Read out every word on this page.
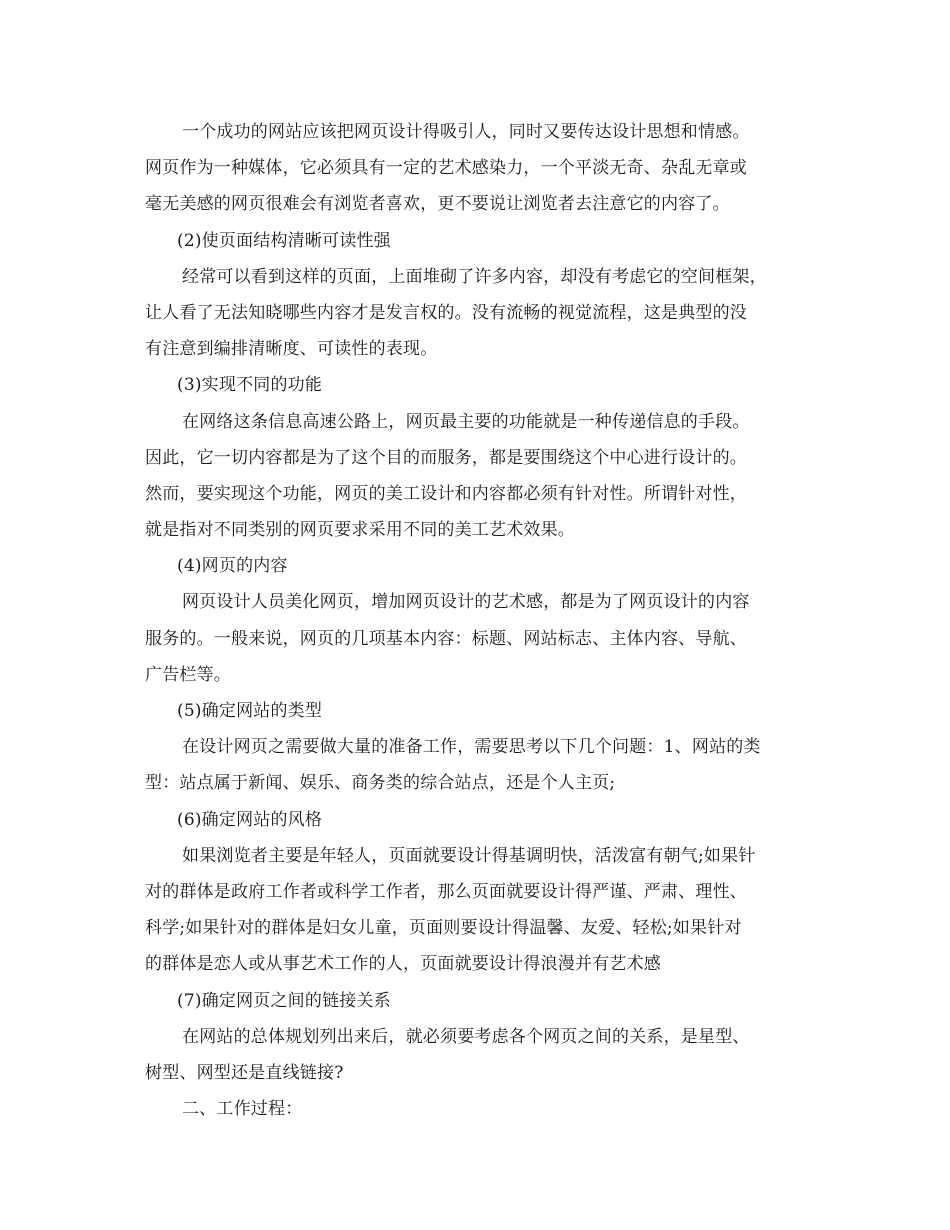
一个成功的网站应该把网页设计得吸引人，同时又要传达设计思想和情感。
网页作为一种媒体，它必须具有一定的艺术感染力，一个平淡无奇、杂乱无章或
毫无美感的网页很难会有浏览者喜欢，更不要说让浏览者去注意它的内容了。
(2)使页面结构清晰可读性强
经常可以看到这样的页面，上面堆砌了许多内容，却没有考虑它的空间框架，
让人看了无法知晓哪些内容才是发言权的。没有流畅的视觉流程，这是典型的没
有注意到编排清晰度、可读性的表现。
(3)实现不同的功能
在网络这条信息高速公路上，网页最主要的功能就是一种传递信息的手段。
因此，它一切内容都是为了这个目的而服务，都是要围绕这个中心进行设计的。
然而，要实现这个功能，网页的美工设计和内容都必须有针对性。所谓针对性，
就是指对不同类别的网页要求采用不同的美工艺术效果。
(4)网页的内容
网页设计人员美化网页，增加网页设计的艺术感，都是为了网页设计的内容
服务的。一般来说，网页的几项基本内容：标题、网站标志、主体内容、导航、
广告栏等。
(5)确定网站的类型
在设计网页之需要做大量的准备工作，需要思考以下几个问题：1、网站的类
型：站点属于新闻、娱乐、商务类的综合站点，还是个人主页;
(6)确定网站的风格
如果浏览者主要是年轻人，页面就要设计得基调明快，活泼富有朝气;如果针
对的群体是政府工作者或科学工作者，那么页面就要设计得严谨、严肃、理性、
科学;如果针对的群体是妇女儿童，页面则要设计得温馨、友爱、轻松;如果针对
的群体是恋人或从事艺术工作的人，页面就要设计得浪漫并有艺术感
(7)确定网页之间的链接关系
在网站的总体规划列出来后，就必须要考虑各个网页之间的关系，是星型、
树型、网型还是直线链接?
二、工作过程：
